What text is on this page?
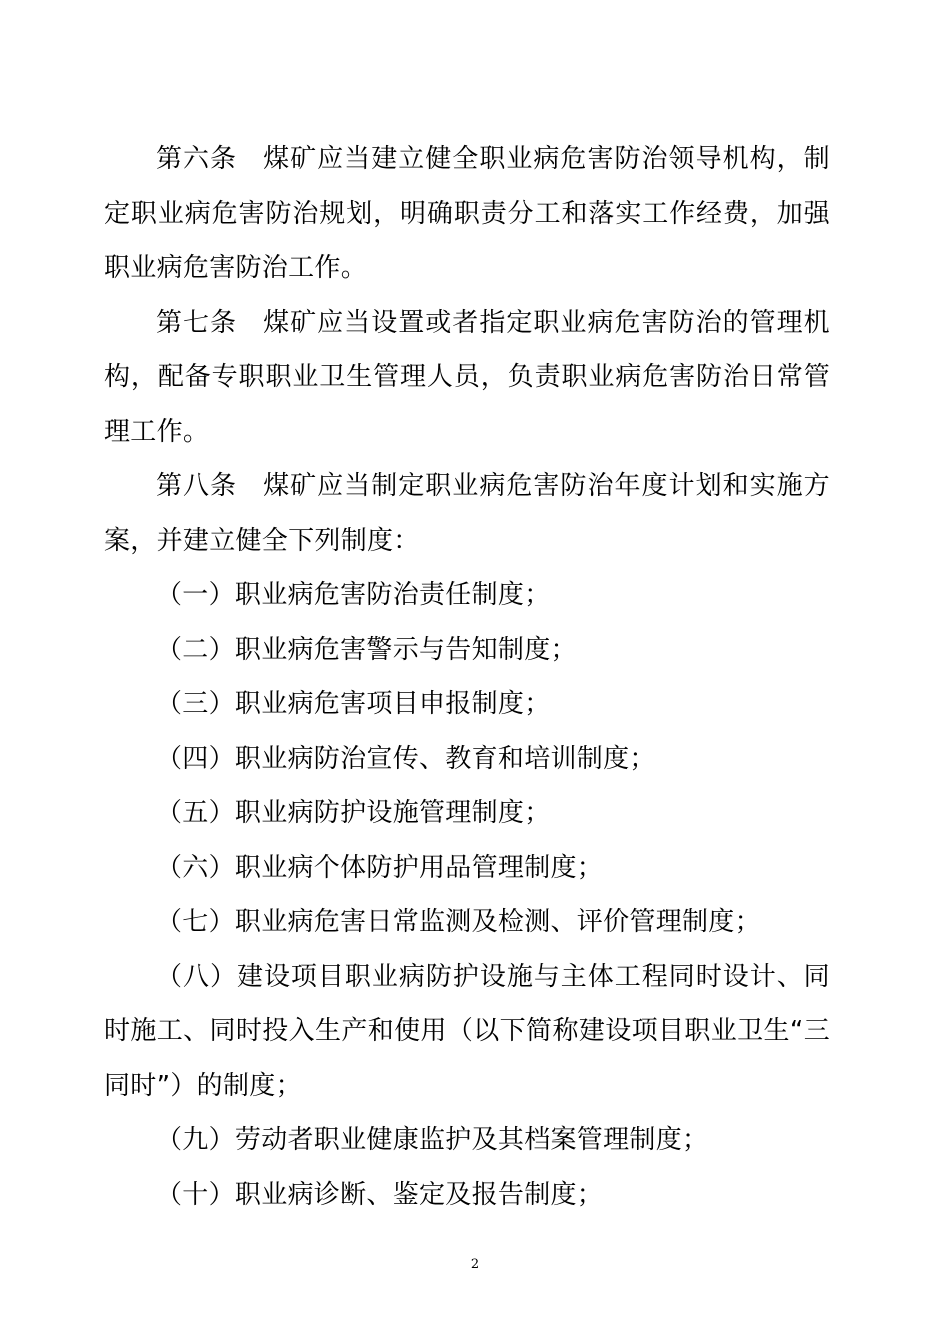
第六条 煤矿应当建立健全职业病危害防治领导机构，制定职业病危害防治规划，明确职责分工和落实工作经费，加强职业病危害防治工作。

第七条 煤矿应当设置或者指定职业病危害防治的管理机构，配备专职职业卫生管理人员，负责职业病危害防治日常管理工作。

第八条 煤矿应当制定职业病危害防治年度计划和实施方案，并建立健全下列制度：

（一）职业病危害防治责任制度；

（二）职业病危害警示与告知制度；

（三）职业病危害项目申报制度；

（四）职业病防治宣传、教育和培训制度；

（五）职业病防护设施管理制度；

（六）职业病个体防护用品管理制度；

（七）职业病危害日常监测及检测、评价管理制度；

（八）建设项目职业病防护设施与主体工程同时设计、同时施工、同时投入生产和使用（以下简称建设项目职业卫生“三同时”）的制度；

（九）劳动者职业健康监护及其档案管理制度；

（十）职业病诊断、鉴定及报告制度；

2
